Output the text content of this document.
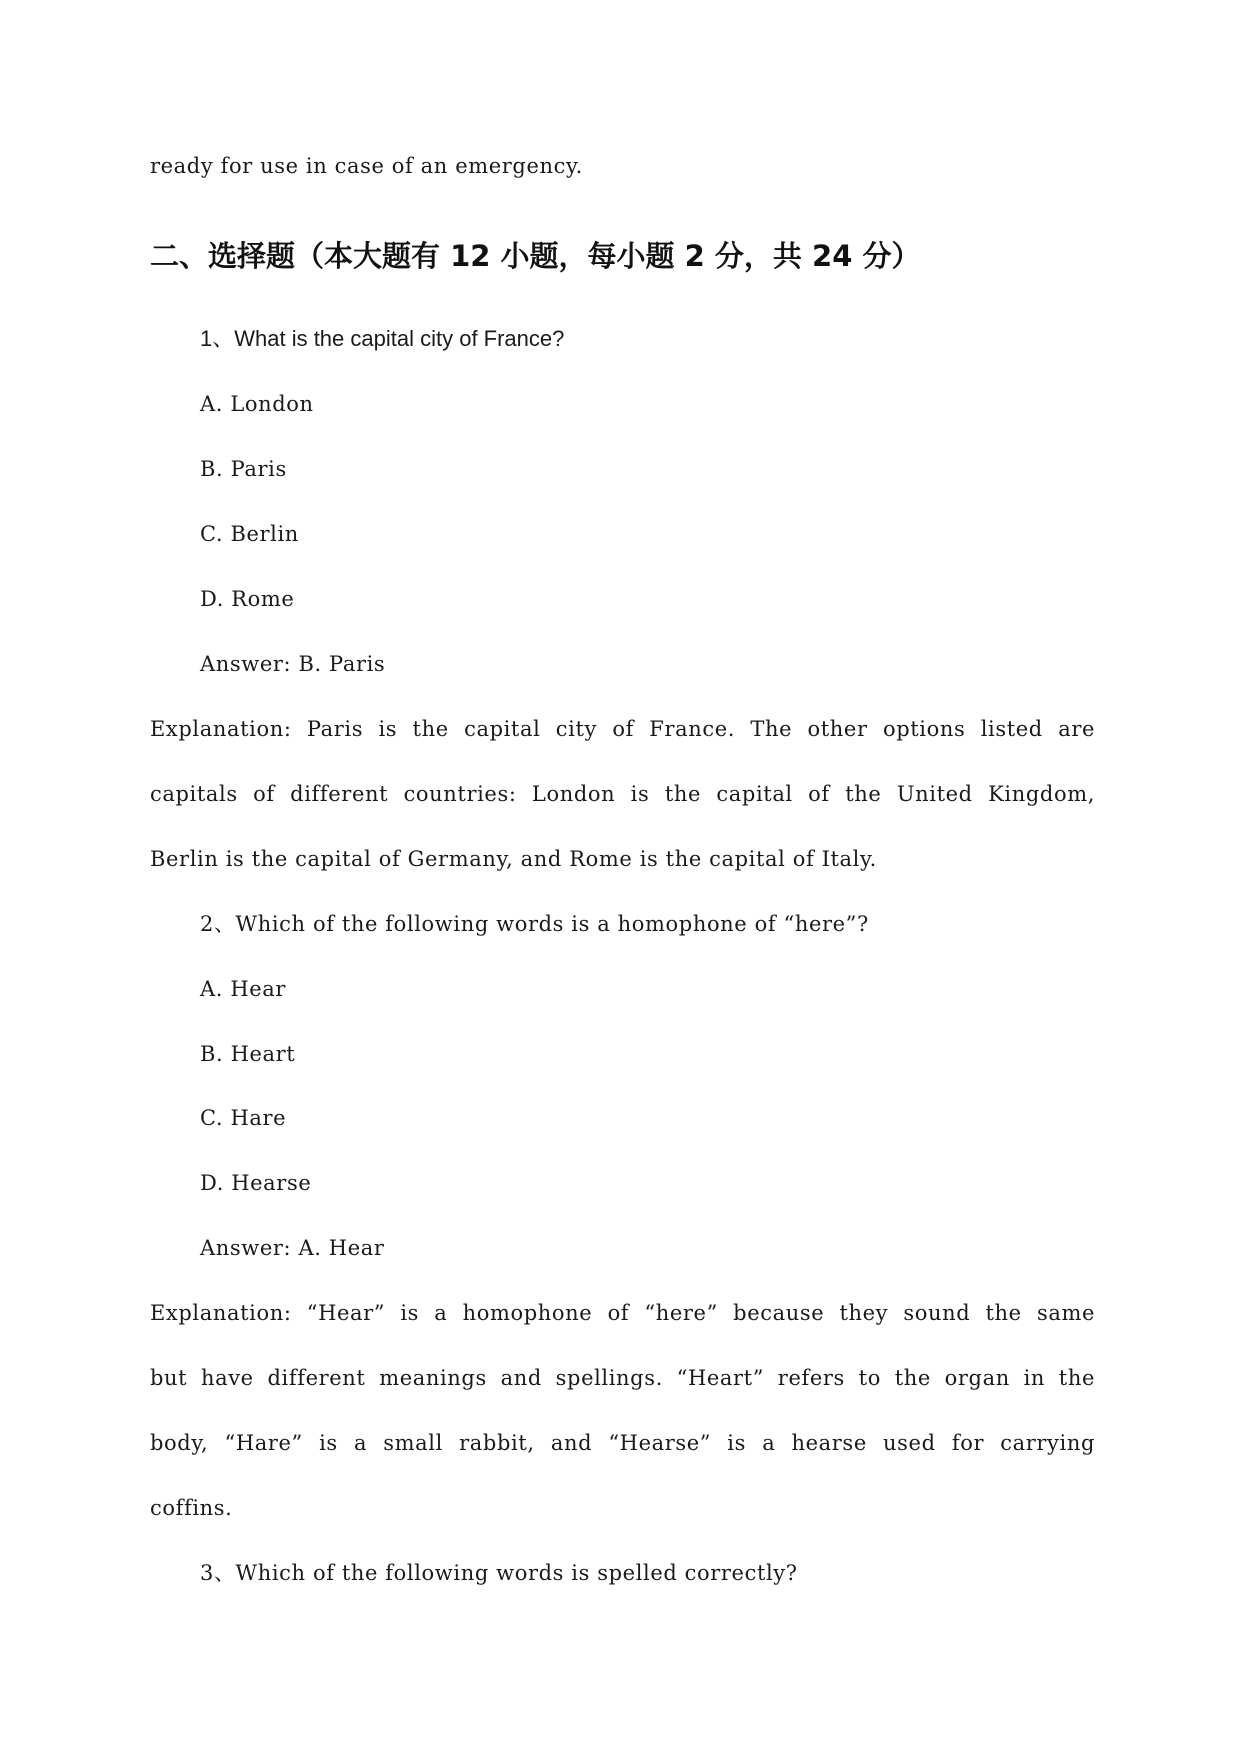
ready for use in case of an emergency.
二、选择题（本大题有 12 小题，每小题 2 分，共 24 分）
1、What is the capital city of France?
A. London
B. Paris
C. Berlin
D. Rome
Answer: B. Paris
Explanation: Paris is the capital city of France. The other options listed are
capitals of different countries: London is the capital of the United Kingdom,
Berlin is the capital of Germany, and Rome is the capital of Italy.
2、Which of the following words is a homophone of “here”?
A. Hear
B. Heart
C. Hare
D. Hearse
Answer: A. Hear
Explanation: “Hear” is a homophone of “here” because they sound the same
but have different meanings and spellings. “Heart” refers to the organ in the
body, “Hare” is a small rabbit, and “Hearse” is a hearse used for carrying
coffins.
3、Which of the following words is spelled correctly?
